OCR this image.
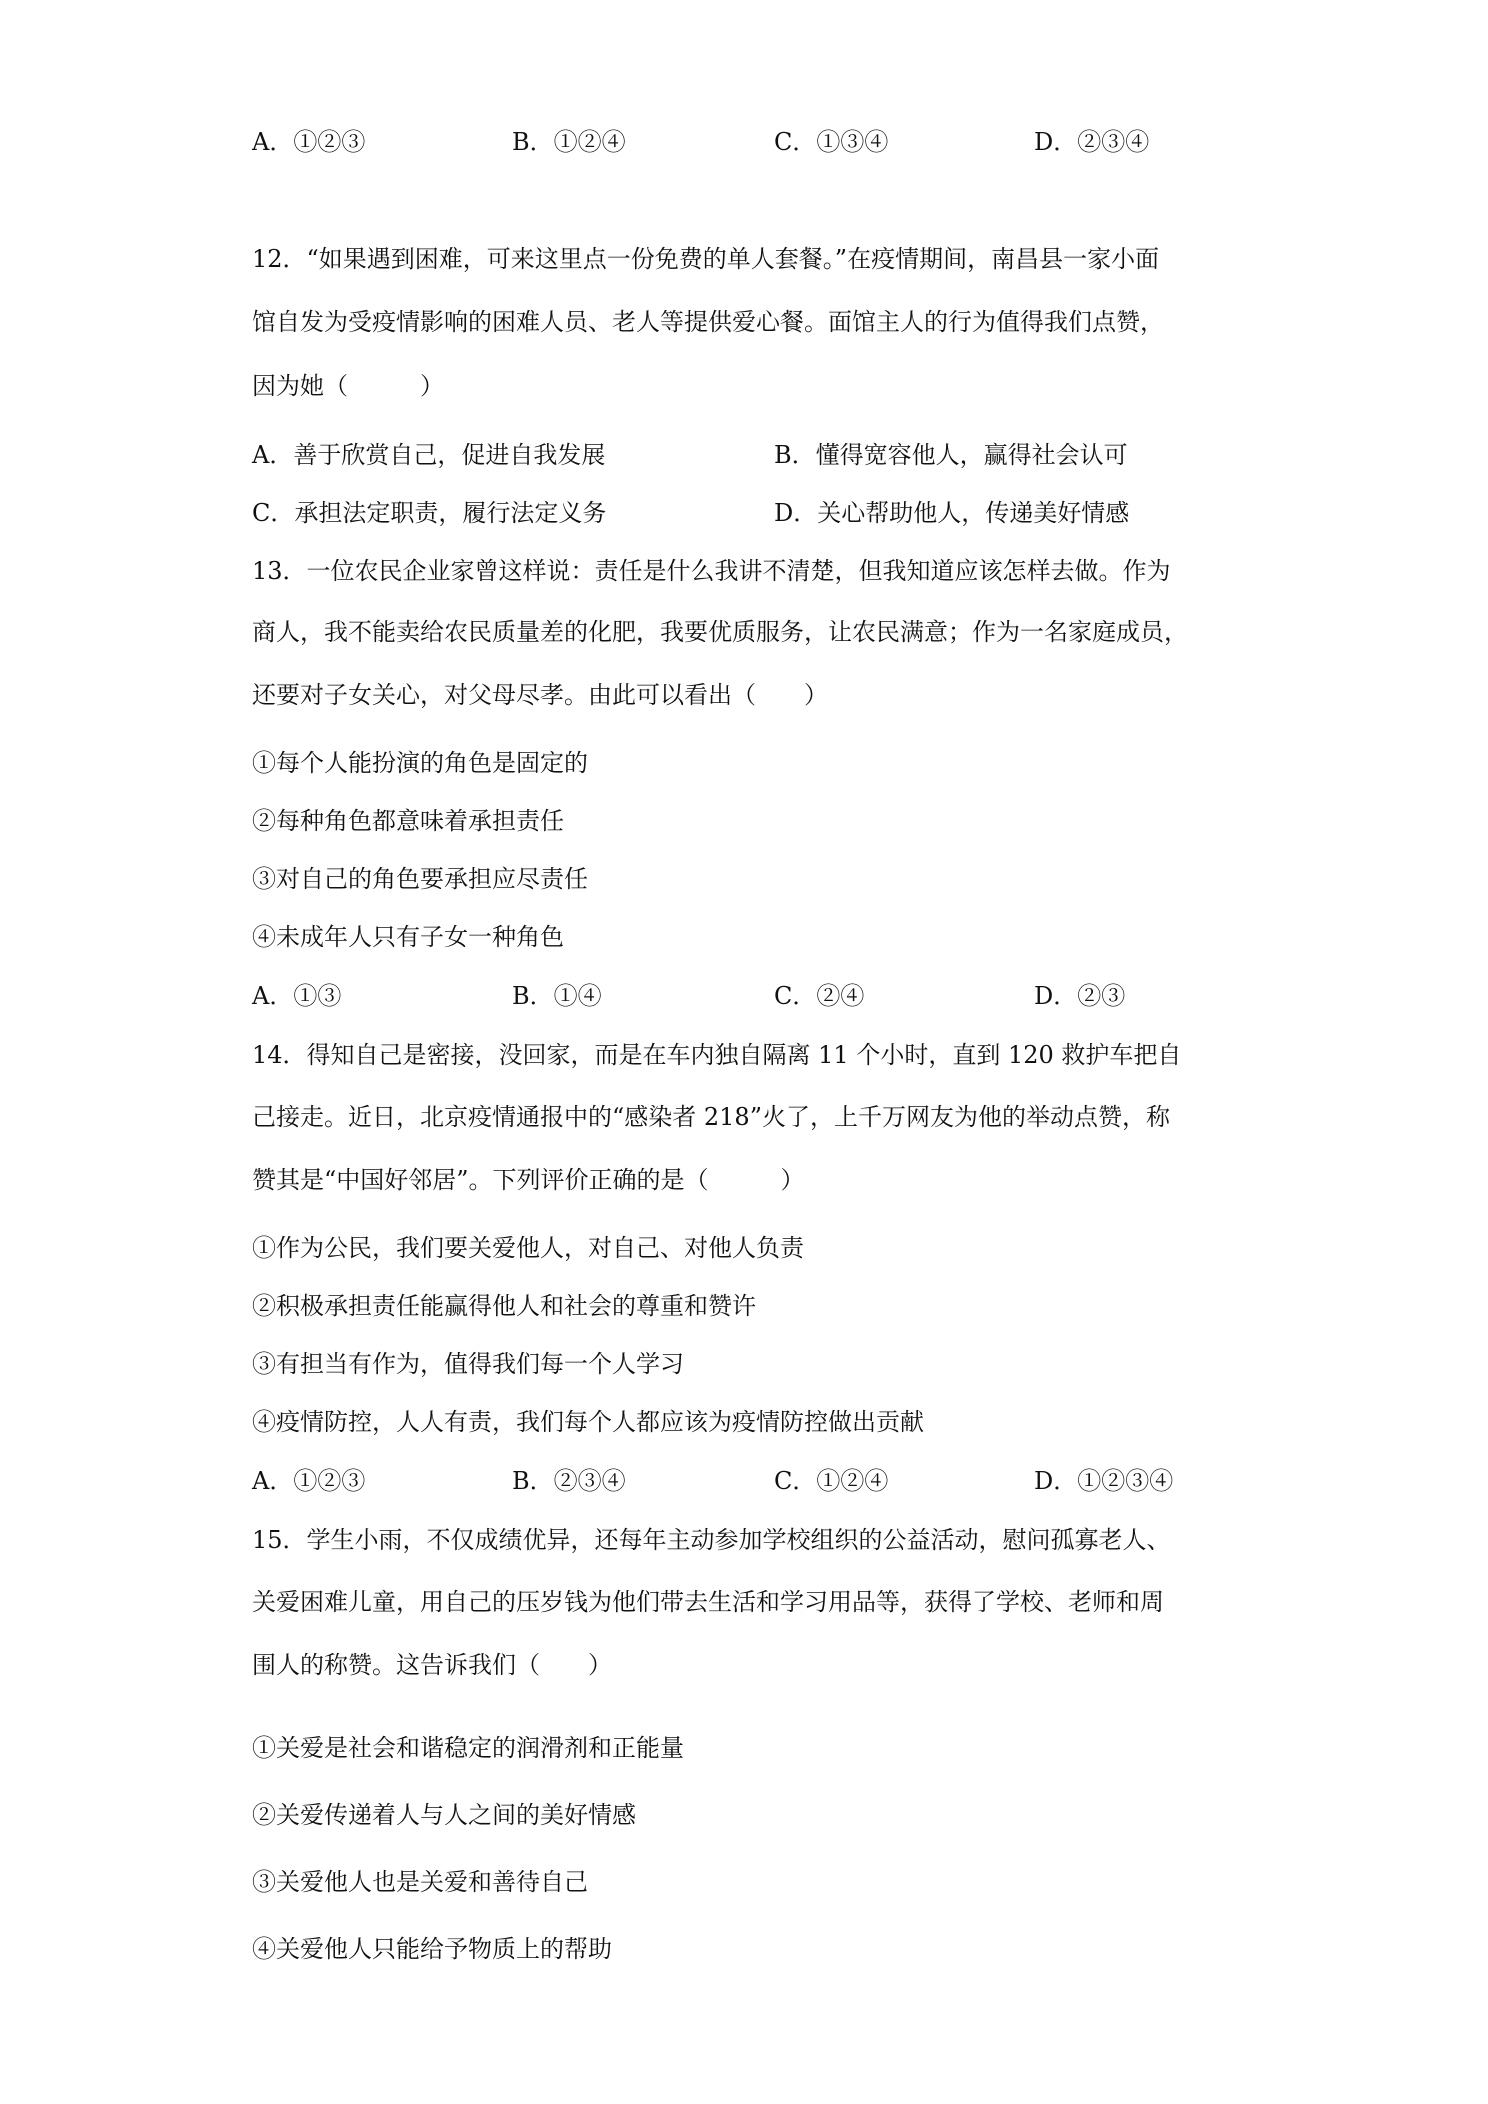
A．①②③	B．①②④	C．①③④	D．②③④
12．“如果遇到困难，可来这里点一份免费的单人套餐。”在疫情期间，南昌县一家小面
馆自发为受疫情影响的困难人员、老人等提供爱心餐。面馆主人的行为值得我们点赞，
因为她（　　　）
A．善于欣赏自己，促进自我发展	B．懂得宽容他人，赢得社会认可
C．承担法定职责，履行法定义务	D．关心帮助他人，传递美好情感
13．一位农民企业家曾这样说：责任是什么我讲不清楚，但我知道应该怎样去做。作为
商人，我不能卖给农民质量差的化肥，我要优质服务，让农民满意；作为一名家庭成员，
还要对子女关心，对父母尽孝。由此可以看出（　　）
①每个人能扮演的角色是固定的
②每种角色都意味着承担责任
③对自己的角色要承担应尽责任
④未成年人只有子女一种角色
A．①③	B．①④	C．②④	D．②③
14．得知自己是密接，没回家，而是在车内独自隔离 11 个小时，直到 120 救护车把自
己接走。近日，北京疫情通报中的“感染者 218”火了，上千万网友为他的举动点赞，称
赞其是“中国好邻居”。下列评价正确的是（　　　）
①作为公民，我们要关爱他人，对自己、对他人负责
②积极承担责任能赢得他人和社会的尊重和赞许
③有担当有作为，值得我们每一个人学习
④疫情防控，人人有责，我们每个人都应该为疫情防控做出贡献
A．①②③	B．②③④	C．①②④	D．①②③④
15．学生小雨，不仅成绩优异，还每年主动参加学校组织的公益活动，慰问孤寡老人、
关爱困难儿童，用自己的压岁钱为他们带去生活和学习用品等，获得了学校、老师和周
围人的称赞。这告诉我们（　　）
①关爱是社会和谐稳定的润滑剂和正能量
②关爱传递着人与人之间的美好情感
③关爱他人也是关爱和善待自己
④关爱他人只能给予物质上的帮助
